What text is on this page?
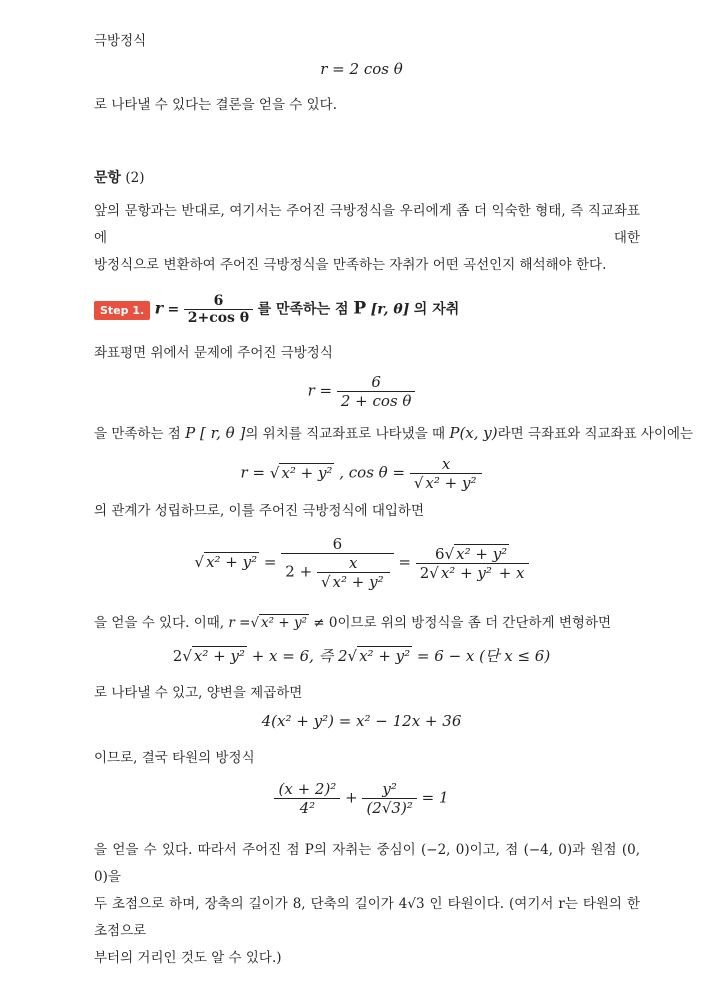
극방정식
r = 2 cos θ
로 나타낼 수 있다는 결론을 얻을 수 있다.
문항 (2)
앞의 문항과는 반대로, 여기서는 주어진 극방정식을 우리에게 좀 더 익숙한 형태, 즉 직교좌표에 대한
방정식으로 변환하여 주어진 극방정식을 만족하는 자취가 어떤 곡선인지 해석해야 한다.
Step 1. $r = \frac{6}{\text{2+cos θ}}$ 를 만족하는 점 P [r, θ] 의 자취
좌표평면 위에서 문제에 주어진 극방정식
$r = \frac{6}{\text{2 + cos θ}}$
을 만족하는 점 P [ r, θ ]의 위치를 직교좌표로 나타냈을 때 P(x, y)라면 극좌표와 직교좌표 사이에는
r = √ x² + y² , $\cos \theta = \frac{x}{\text{√ x² + y²}}$
의 관계가 성립하므로, 이를 주어진 극방정식에 대입하면
√ $x^2 + y^2 = \frac{6}{2 + \frac{x}{\text{√ x² + y²}}} = \frac{\text{6√ x² + y²}}{\text{2√ x² + y² + x}}$
을 얻을 수 있다. 이때, r =√ x² + y² ≠ 0이므로 위의 방정식을 좀 더 간단하게 변형하면
2√ x² + y² + x = 6, 즉 2√ x² + y² = 6 − x (단 x ≤ 6)
로 나타낼 수 있고, 양변을 제곱하면
4(x² + y²) = x² − 12x + 36
이므로, 결국 타원의 방정식
$\frac{\text{(x + 2)²}}{\text{4²}} + \frac{\text{y²}}{\text{(2√3)²}} = 1$
을 얻을 수 있다. 따라서 주어진 점 P의 자취는 중심이 (−2, 0)이고, 점 (−4, 0)과 원점 (0, 0)을
두 초점으로 하며, 장축의 길이가 8, 단축의 길이가 4√3 인 타원이다. (여기서 r는 타원의 한 초점으로
부터의 거리인 것도 알 수 있다.)
